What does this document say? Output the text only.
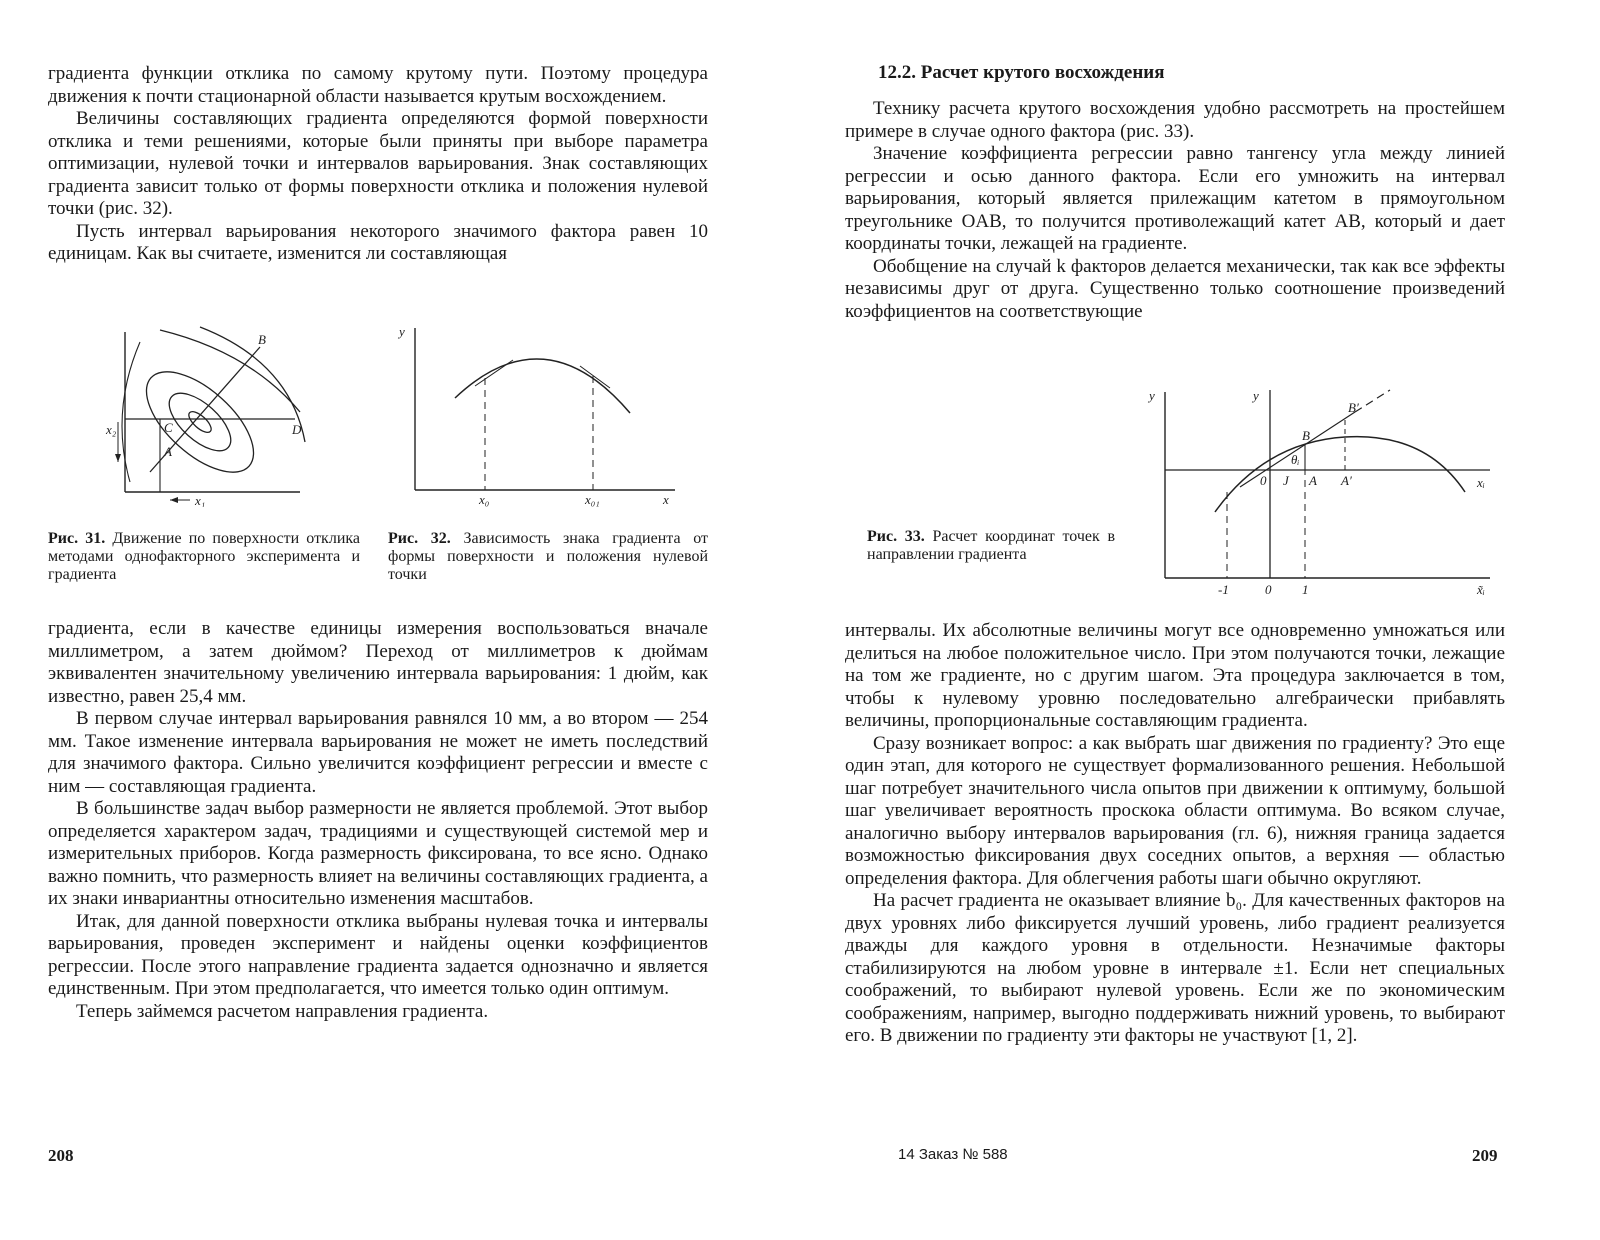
градиента функции отклика по самому крутому пути. Поэтому процедура движения к почти стационарной области называется крутым восхождением.

Величины составляющих градиента определяются формой поверхности отклика и теми решениями, которые были приняты при выборе параметра оптимизации, нулевой точки и интервалов варьирования. Знак составляющих градиента зависит только от формы поверхности отклика и положения нулевой точки (рис. 32).

Пусть интервал варьирования некоторого значимого фактора равен 10 единицам. Как вы считаете, изменится ли составляющая

B
D
A
C
x₂
x₁
y
x₀	x₀₁	x
Рис. 31. Движение по поверхности отклика методами однофакторного эксперимента и градиента
Рис. 32. Зависимость знака градиента от формы поверхности и положения нулевой точки

градиента, если в качестве единицы измерения воспользоваться вначале миллиметром, а затем дюймом? Переход от миллиметров к дюймам эквивалентен значительному увеличению интервала варьирования: 1 дюйм, как известно, равен 25,4 мм.

В первом случае интервал варьирования равнялся 10 мм, а во втором — 254 мм. Такое изменение интервала варьирования не может не иметь последствий для значимого фактора. Сильно увеличится коэффициент регрессии и вместе с ним — составляющая градиента.

В большинстве задач выбор размерности не является проблемой. Этот выбор определяется характером задач, традициями и существующей системой мер и измерительных приборов. Когда размерность фиксирована, то все ясно. Однако важно помнить, что размерность влияет на величины составляющих градиента, а их знаки инвариантны относительно изменения масштабов.

Итак, для данной поверхности отклика выбраны нулевая точка и интервалы варьирования, проведен эксперимент и найдены оценки коэффициентов регрессии. После этого направление градиента задается однозначно и является единственным. При этом предполагается, что имеется только один оптимум.

Теперь займемся расчетом направления градиента.

208
12.2. Расчет крутого восхождения

Технику расчета крутого восхождения удобно рассмотреть на простейшем примере в случае одного фактора (рис. 33).

Значение коэффициента регрессии равно тангенсу угла между линией регрессии и осью данного фактора. Если его умножить на интервал варьирования, который является прилежащим катетом в прямоугольном треугольнике OAB, то получится противолежащий катет AB, который и дает координаты точки, лежащей на градиенте.

Обобщение на случай k факторов делается механически, так как все эффекты независимы друг от друга. Существенно только соотношение произведений коэффициентов на соответствующие

y	y
B′
B
θᵢ
0 J A A′	xᵢ
-1	0 1	x̃ᵢ
Рис. 33. Расчет координат точек в направлении градиента

интервалы. Их абсолютные величины могут все одновременно умножаться или делиться на любое положительное число. При этом получаются точки, лежащие на том же градиенте, но с другим шагом. Эта процедура заключается в том, чтобы к нулевому уровню последовательно алгебраически прибавлять величины, пропорциональные составляющим градиента.

Сразу возникает вопрос: а как выбрать шаг движения по градиенту? Это еще один этап, для которого не существует формализованного решения. Небольшой шаг потребует значительного числа опытов при движении к оптимуму, большой шаг увеличивает вероятность проскока области оптимума. Во всяком случае, аналогично выбору интервалов варьирования (гл. 6), нижняя граница задается возможностью фиксирования двух соседних опытов, а верхняя — областью определения фактора. Для облегчения работы шаги обычно округляют.

На расчет градиента не оказывает влияние b₀. Для качественных факторов на двух уровнях либо фиксируется лучший уровень, либо градиент реализуется дважды для каждого уровня в отдельности. Незначимые факторы стабилизируются на любом уровне в интервале ±1. Если нет специальных соображений, то выбирают нулевой уровень. Если же по экономическим соображениям, например, выгодно поддерживать нижний уровень, то выбирают его. В движении по градиенту эти факторы не участвуют [1, 2].

14 Заказ № 588	209
